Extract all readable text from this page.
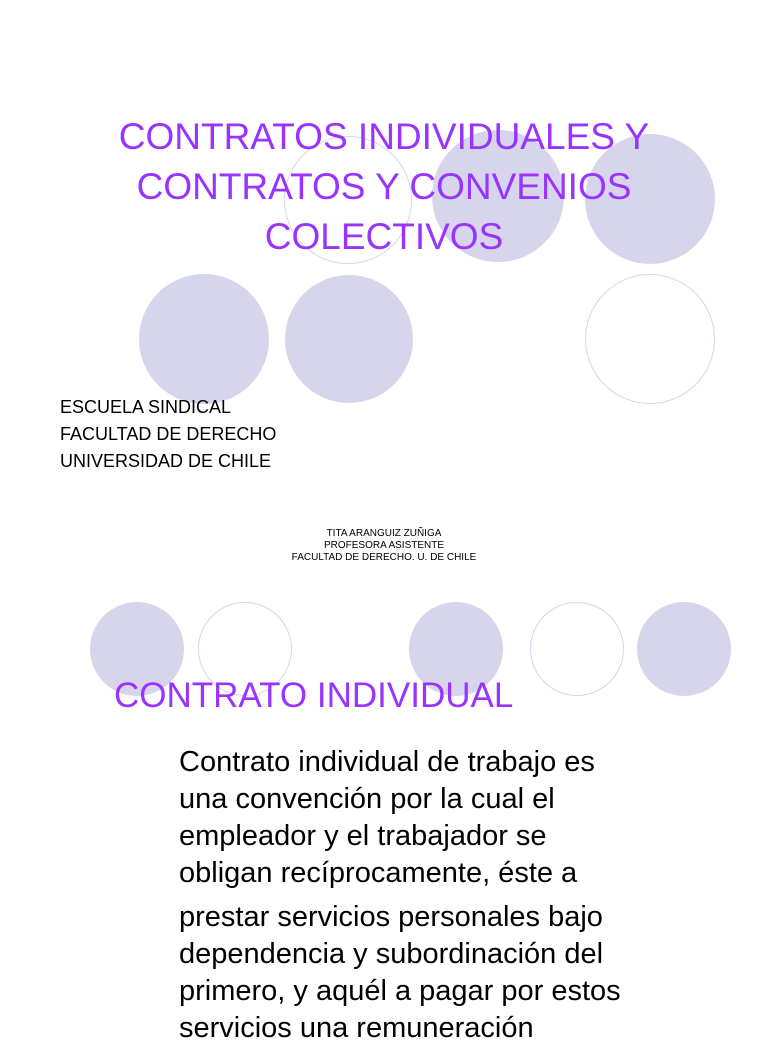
CONTRATOS INDIVIDUALES Y
CONTRATOS Y CONVENIOS
COLECTIVOS
ESCUELA SINDICAL
FACULTAD DE DERECHO
UNIVERSIDAD DE CHILE
TITA ARANGUIZ ZUÑIGA
PROFESORA ASISTENTE
FACULTAD DE DERECHO. U. DE CHILE
CONTRATO INDIVIDUAL
Contrato individual de trabajo es
una convención por la cual el
empleador y el trabajador se
obligan recíprocamente, éste a
prestar servicios personales bajo
dependencia y subordinación del
primero, y aquél a pagar por estos
servicios una remuneración
